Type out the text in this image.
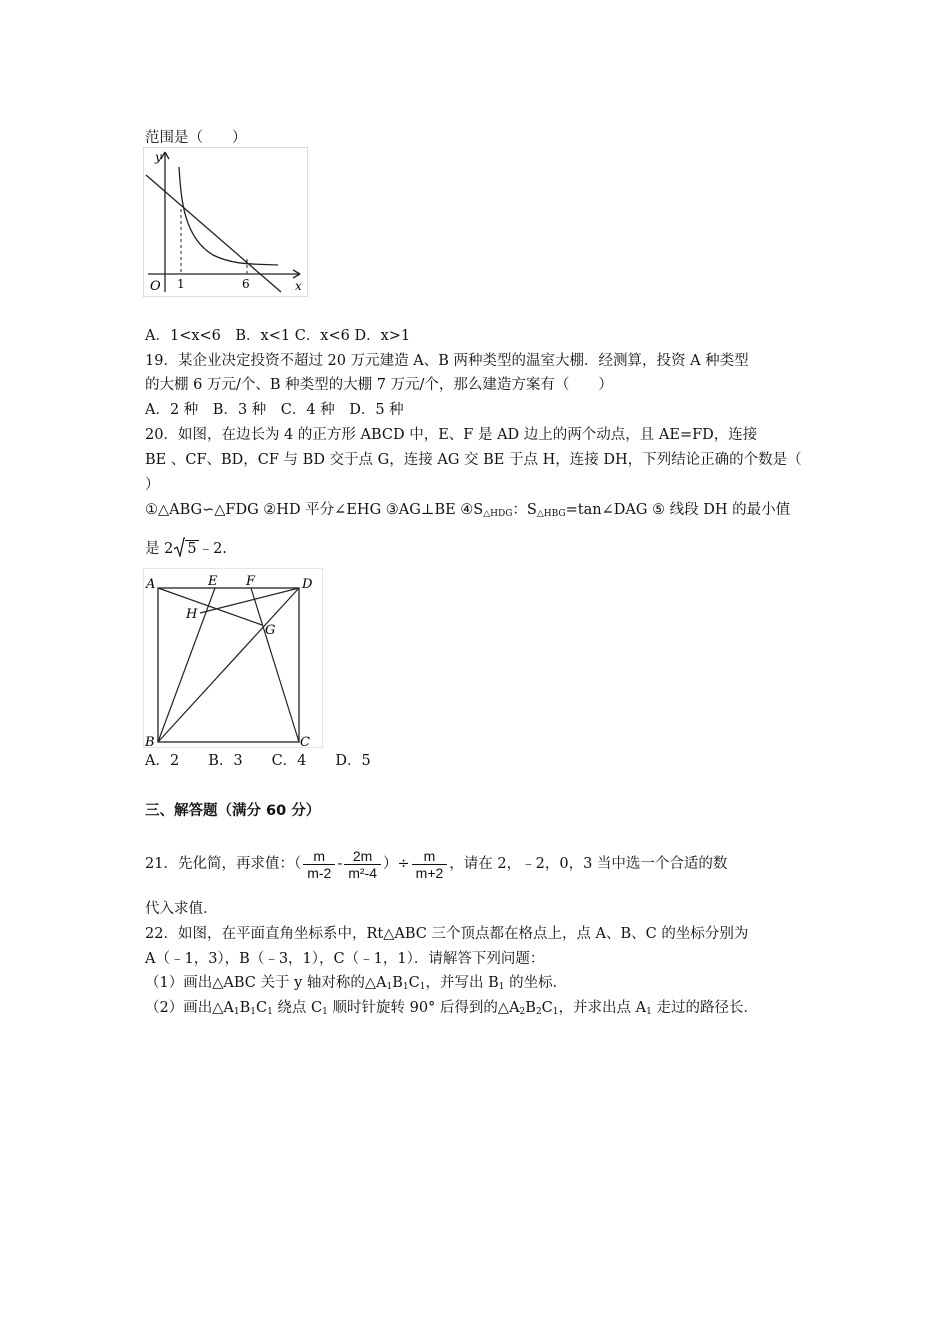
范围是（　　）
y
x
O 1	6
A．1<x<6　B．x<1 C．x<6 D．x>1
19．某企业决定投资不超过 20 万元建造 A、B 两种类型的温室大棚．经测算，投资 A 种类型
的大棚 6 万元/个、B 种类型的大棚 7 万元/个，那么建造方案有（　　）
A．2 种　B．3 种　C．4 种　D．5 种
20．如图，在边长为 4 的正方形 ABCD 中，E、F 是 AD 边上的两个动点，且 AE=FD，连接
BE 、CF、BD，CF 与 BD 交于点 G，连接 AG 交 BE 于点 H，连接 DH，下列结论正确的个数是（
）
①△ABG∽△FDG ②HD 平分∠EHG ③AG⊥BE $④S_{\triangle HDG}$：$S_{\triangle HBG}=\tan\angle DAG$ ⑤ 线段 DH 的最小值
是 2 5 ﹣2.
A	E F	D
H
G
B	C
A．2　　B．3　　C．4　　D．5
三、解答题（满分 60 分）
21．先化简，再求值：（ $\frac{m}{m-2} - \frac{2m}{\text{m²-4}}$ ）÷ $\frac{m}{m+2}$ ，请在 2，﹣2，0，3 当中选一个合适的数
代入求值．
22．如图，在平面直角坐标系中，Rt△ABC 三个顶点都在格点上，点 A、B、C 的坐标分别为
A（﹣1，3），B（﹣3，1），C（﹣1，1）．请解答下列问题：
（1）画出△ABC 关于 y 轴对称的$\triangle A_1B_1C_1$，并写出 $B_1$ 的坐标．
（2）画出$\triangle A_1B_1C_1$ 绕点 $C_1$ 顺时针旋转 90° 后得到的$\triangle A_2B_2C_1$，并求出点 $A_1$ 走过的路径长．
